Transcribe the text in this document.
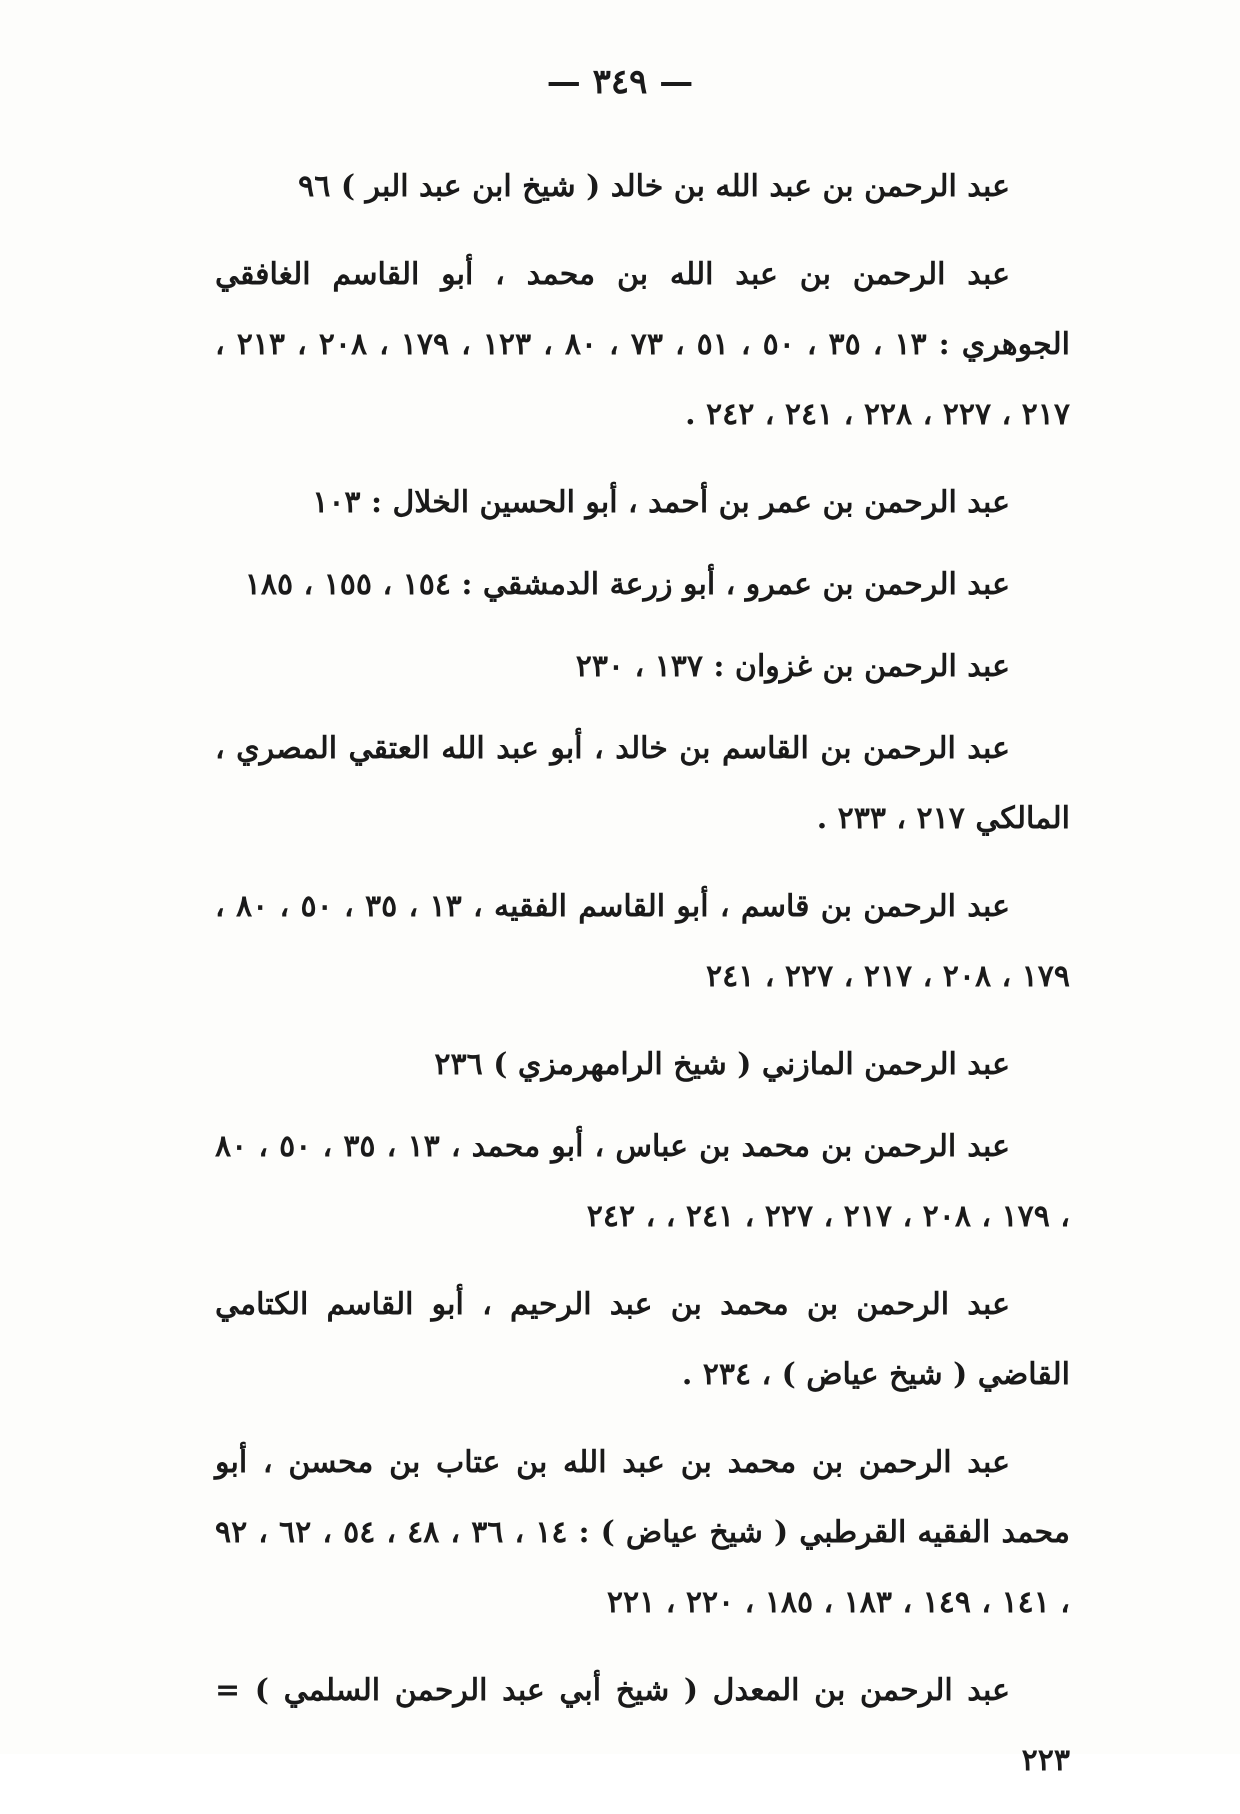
— ٣٤٩ —

عبد الرحمن بن عبد الله بن خالد ( شيخ ابن عبد البر ) ٩٦

عبد الرحمن بن عبد الله بن محمد ، أبو القاسم الغافقي الجوهري : ١٣ ، ٣٥ ، ٥٠ ، ٥١ ، ٧٣ ، ٨٠ ، ١٢٣ ، ١٧٩ ، ٢٠٨ ، ٢١٣ ، ٢١٧ ، ٢٢٧ ، ٢٢٨ ، ٢٤١ ، ٢٤٢ .

عبد الرحمن بن عمر بن أحمد ، أبو الحسين الخلال : ١٠٣

عبد الرحمن بن عمرو ، أبو زرعة الدمشقي : ١٥٤ ، ١٥٥ ، ١٨٥

عبد الرحمن بن غزوان : ١٣٧ ، ٢٣٠

عبد الرحمن بن القاسم بن خالد ، أبو عبد الله العتقي المصري ، المالكي ٢١٧ ، ٢٣٣ .

عبد الرحمن بن قاسم ، أبو القاسم الفقيه ، ١٣ ، ٣٥ ، ٥٠ ، ٨٠ ، ١٧٩ ، ٢٠٨ ، ٢١٧ ، ٢٢٧ ، ٢٤١

عبد الرحمن المازني ( شيخ الرامهرمزي ) ٢٣٦

عبد الرحمن بن محمد بن عباس ، أبو محمد ، ١٣ ، ٣٥ ، ٥٠ ، ٨٠ ، ١٧٩ ، ٢٠٨ ، ٢١٧ ، ٢٢٧ ، ٢٤١ ، ، ٢٤٢

عبد الرحمن بن محمد بن عبد الرحيم ، أبو القاسم الكتامي القاضي ( شيخ عياض ) ، ٢٣٤ .

عبد الرحمن بن محمد بن عبد الله بن عتاب بن محسن ، أبو محمد الفقيه القرطبي ( شيخ عياض ) : ١٤ ، ٣٦ ، ٤٨ ، ٥٤ ، ٦٢ ، ٩٢ ، ١٤١ ، ١٤٩ ، ١٨٣ ، ١٨٥ ، ٢٢٠ ، ٢٢١

عبد الرحمن بن المعدل ( شيخ أبي عبد الرحمن السلمي ) = ٢٢٣
